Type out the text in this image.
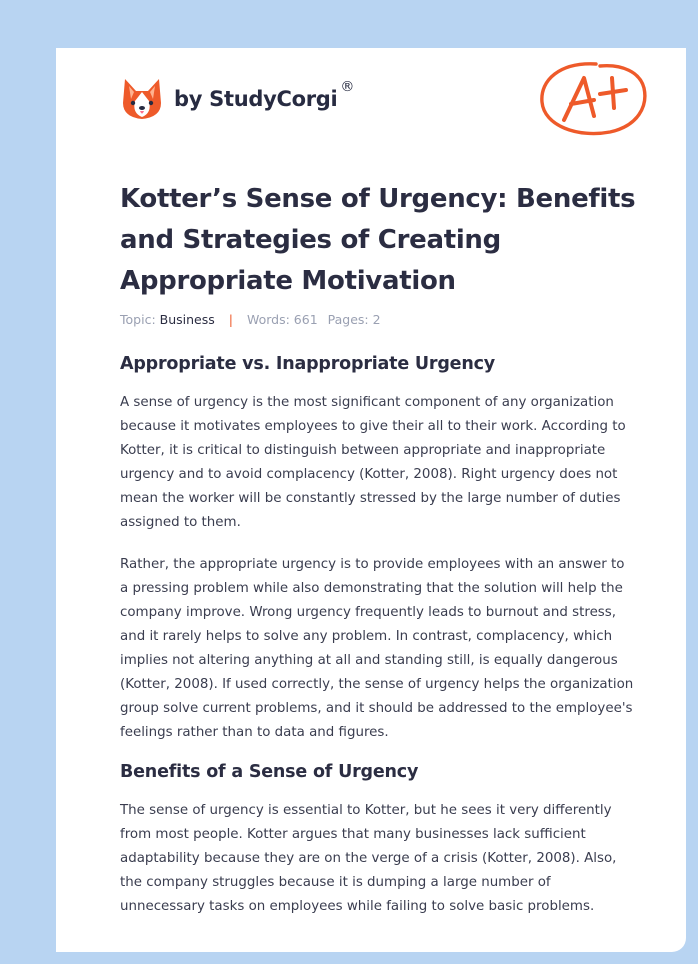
by StudyCorgi ®
Kotter’s Sense of Urgency: Benefits and Strategies of Creating Appropriate Motivation
Topic: Business | Words: 661 Pages: 2
Appropriate vs. Inappropriate Urgency

A sense of urgency is the most significant component of any organization because it motivates employees to give their all to their work. According to Kotter, it is critical to distinguish between appropriate and inappropriate urgency and to avoid complacency (Kotter, 2008). Right urgency does not mean the worker will be constantly stressed by the large number of duties assigned to them.

Rather, the appropriate urgency is to provide employees with an answer to a pressing problem while also demonstrating that the solution will help the company improve. Wrong urgency frequently leads to burnout and stress, and it rarely helps to solve any problem. In contrast, complacency, which implies not altering anything at all and standing still, is equally dangerous (Kotter, 2008). If used correctly, the sense of urgency helps the organization group solve current problems, and it should be addressed to the employee's feelings rather than to data and figures.

Benefits of a Sense of Urgency

The sense of urgency is essential to Kotter, but he sees it very differently from most people. Kotter argues that many businesses lack sufficient adaptability because they are on the verge of a crisis (Kotter, 2008). Also, the company struggles because it is dumping a large number of unnecessary tasks on employees while failing to solve basic problems.
